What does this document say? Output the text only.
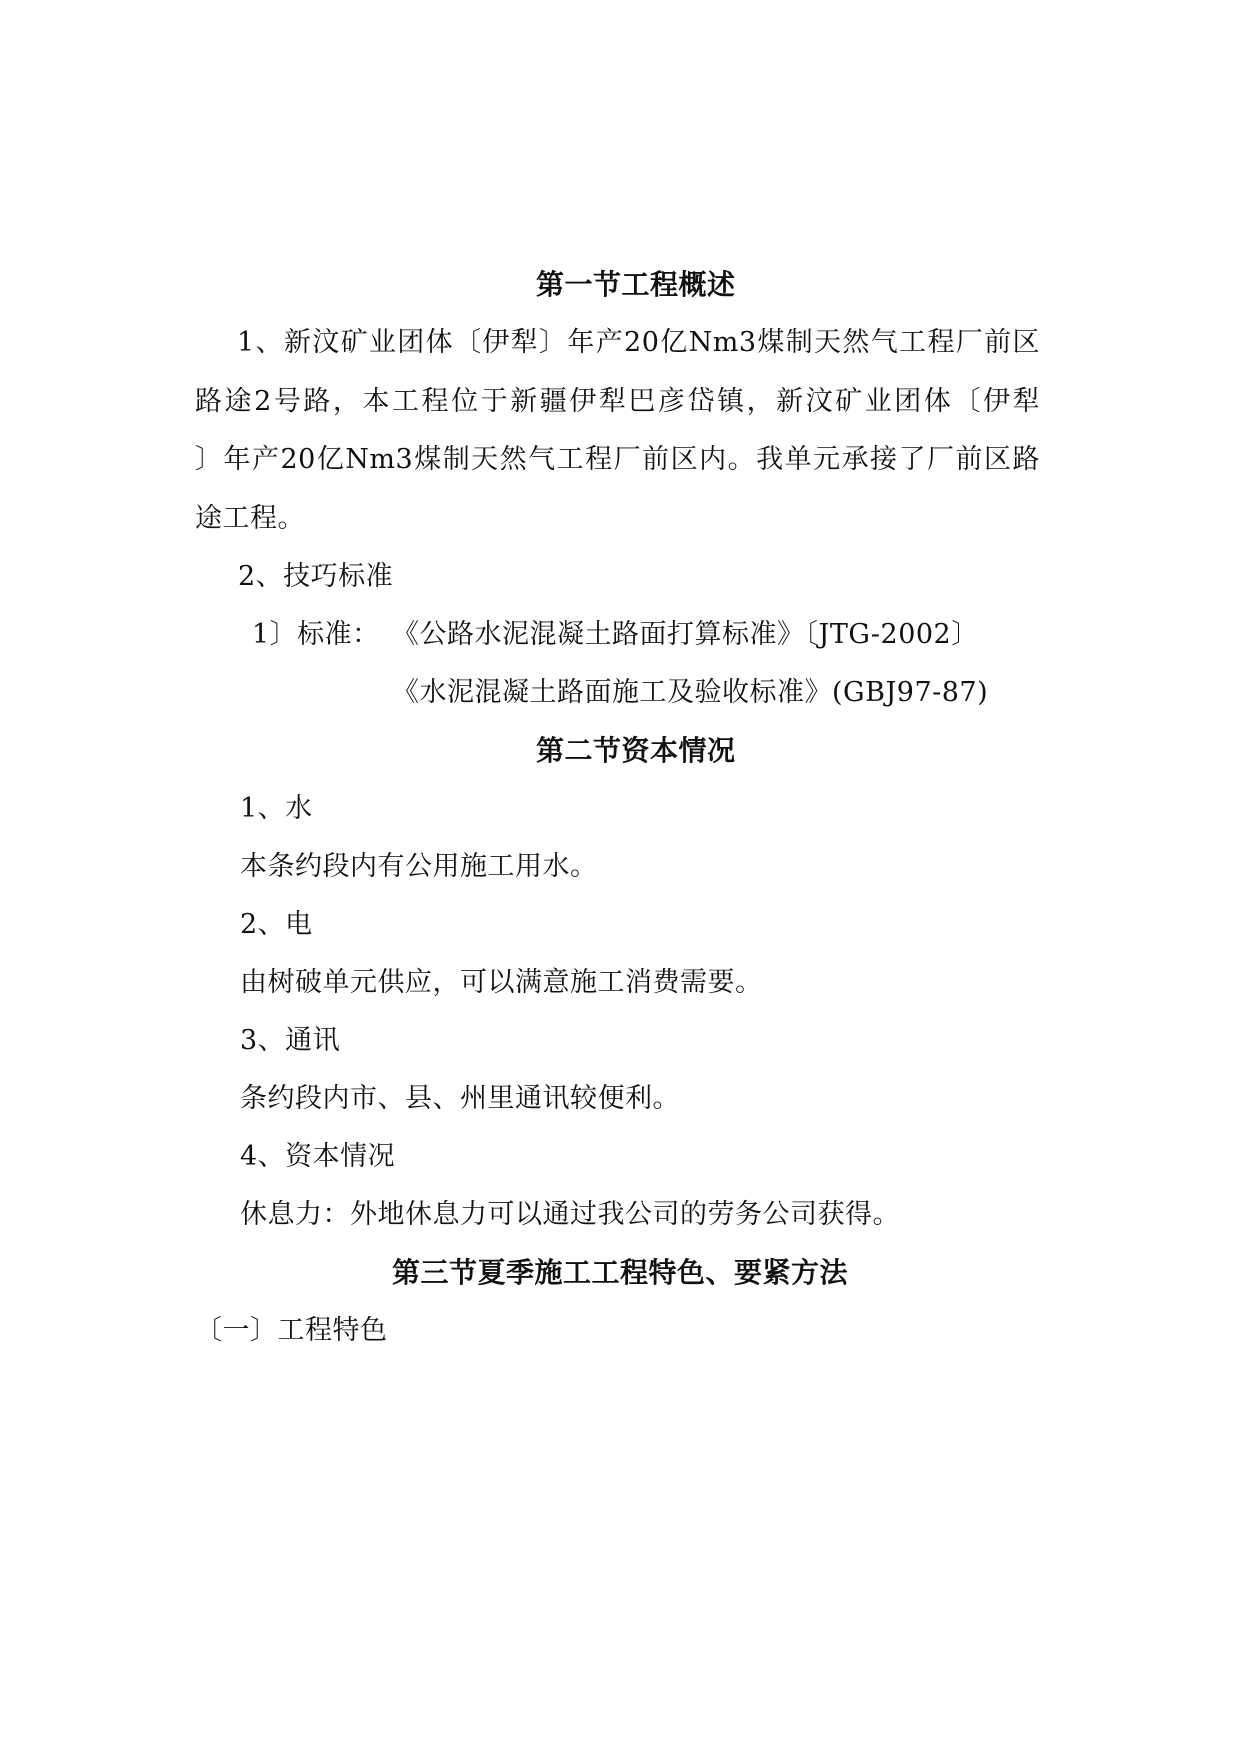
第一节工程概述
1、新汶矿业团体〔伊犁〕年产20亿Nm3煤制天然气工程厂前区
路途2号路，本工程位于新疆伊犁巴彦岱镇，新汶矿业团体〔伊犁
〕年产20亿Nm3煤制天然气工程厂前区内。我单元承接了厂前区路
途工程。
2、技巧标准
1〕标准： 《公路水泥混凝土路面打算标准》〔JTG-2002〕
《水泥混凝土路面施工及验收标准》(GBJ97-87)
第二节资本情况
1、水
本条约段内有公用施工用水。
2、电
由树破单元供应，可以满意施工消费需要。
3、通讯
条约段内市、县、州里通讯较便利。
4、资本情况
休息力：外地休息力可以通过我公司的劳务公司获得。
第三节夏季施工工程特色、要紧方法
〔一〕工程特色
